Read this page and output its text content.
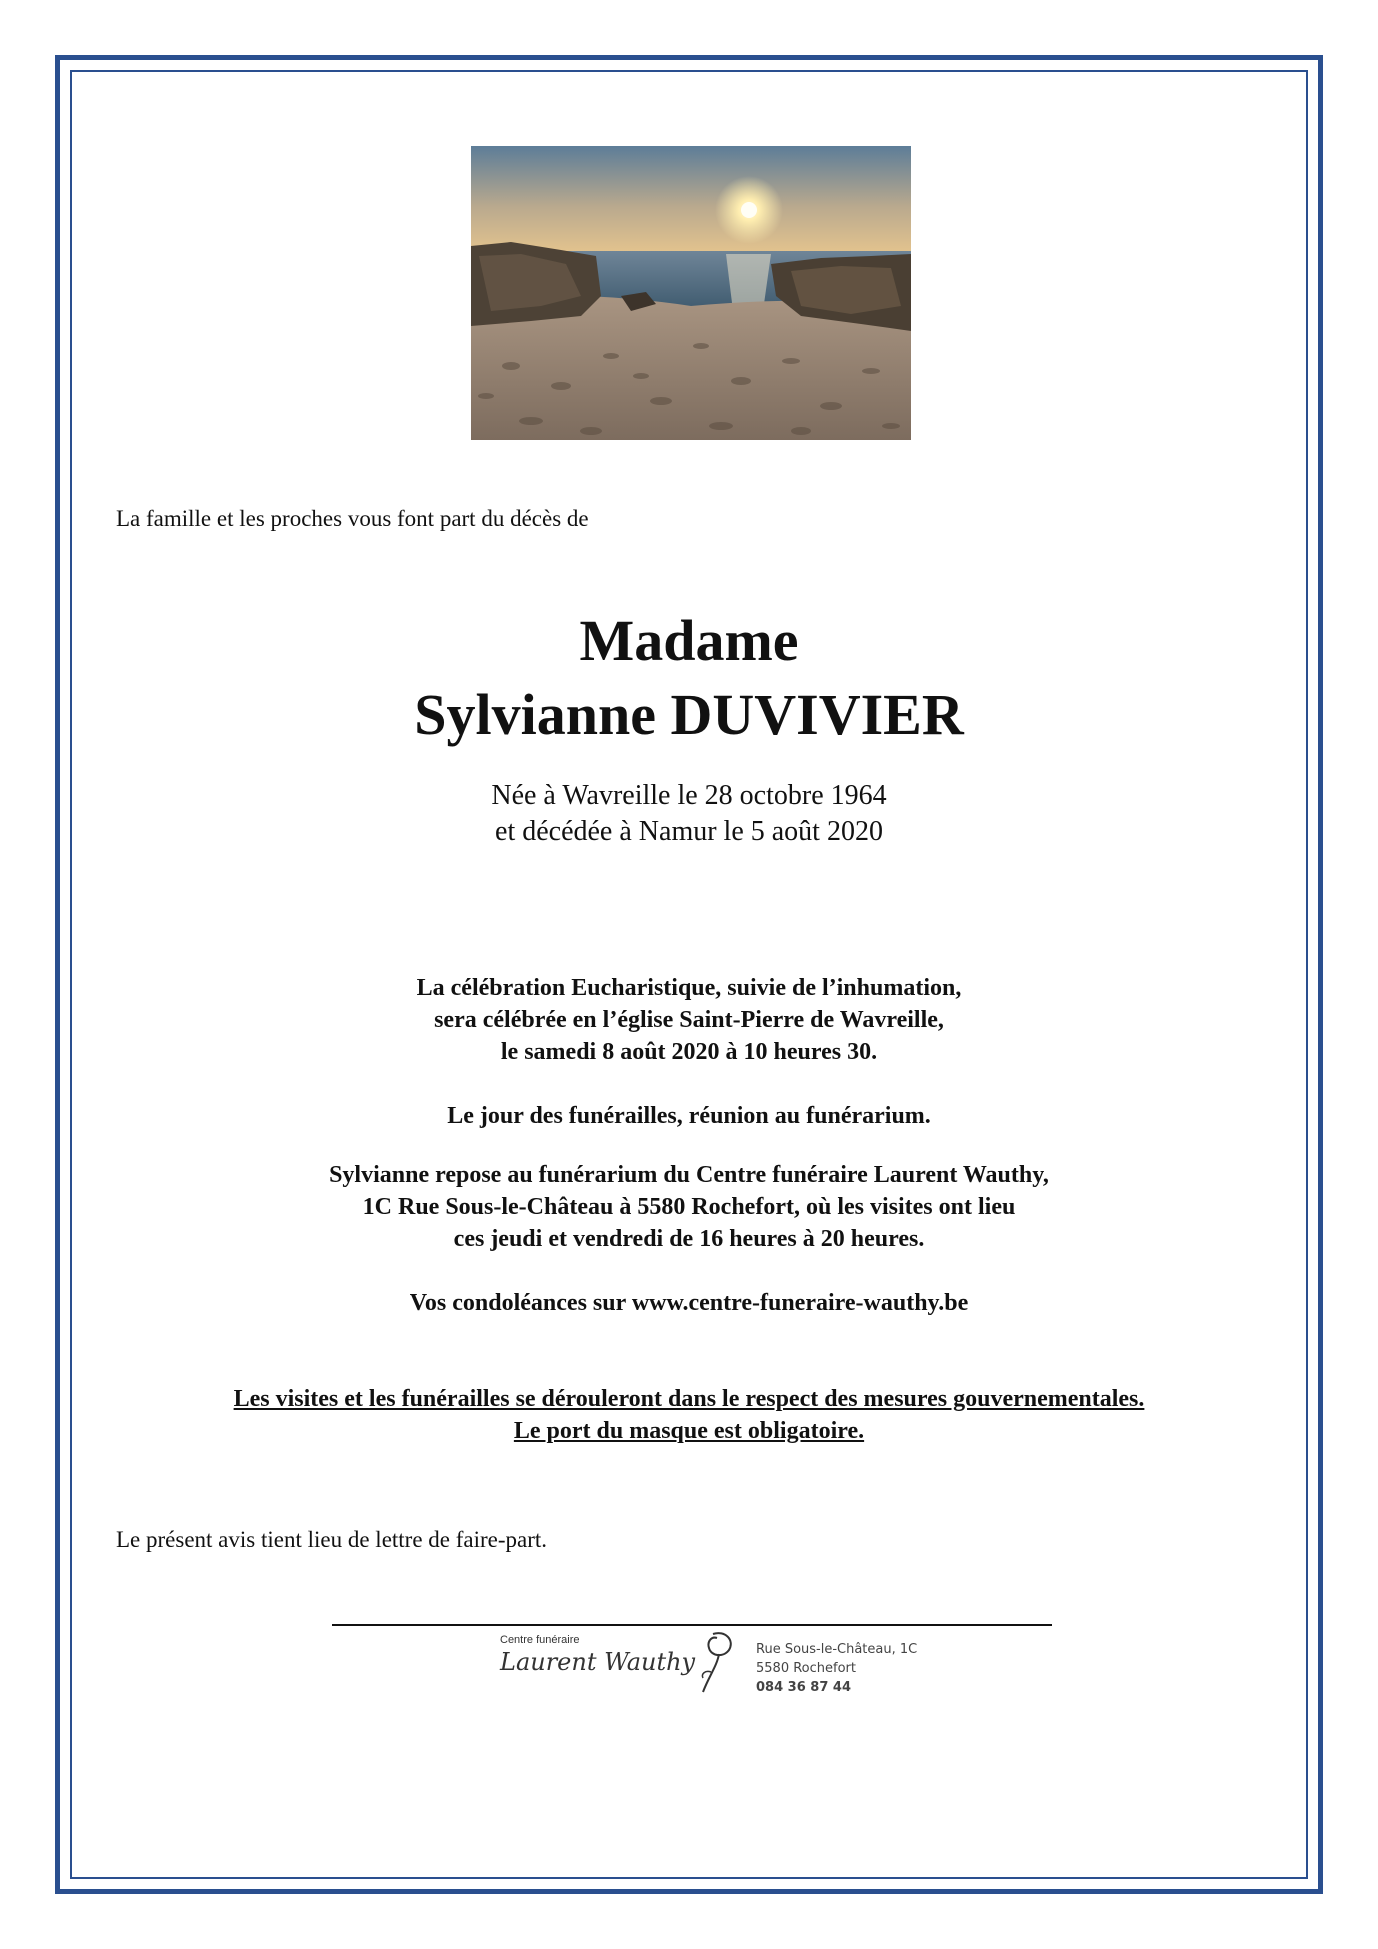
La famille et les proches vous font part du décès de
Madame
Sylvianne DUVIVIER
Née à Wavreille le 28 octobre 1964
et décédée à Namur le 5 août 2020
La célébration Eucharistique, suivie de l’inhumation,
sera célébrée en l’église Saint-Pierre de Wavreille,
le samedi 8 août 2020 à 10 heures 30.
Le jour des funérailles, réunion au funérarium.
Sylvianne repose au funérarium du Centre funéraire Laurent Wauthy,
1C Rue Sous-le-Château à 5580 Rochefort, où les visites ont lieu
ces jeudi et vendredi de 16 heures à 20 heures.
Vos condoléances sur www.centre-funeraire-wauthy.be
Les visites et les funérailles se dérouleront dans le respect des mesures gouvernementales.
Le port du masque est obligatoire.
Le présent avis tient lieu de lettre de faire-part.
Centre funéraire
Laurent Wauthy	Rue Sous-le-Château, 1C
5580 Rochefort
084 36 87 44
